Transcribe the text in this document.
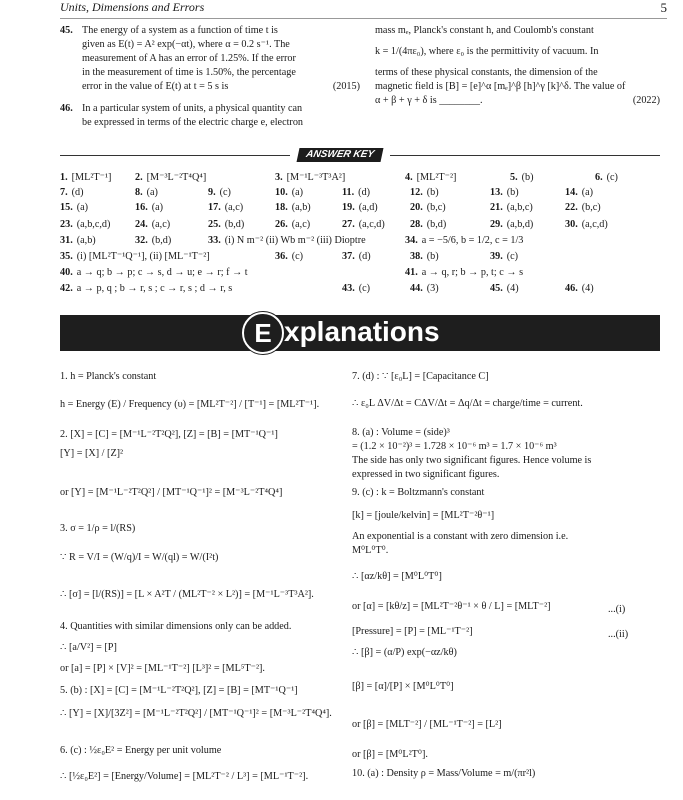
Units, Dimensions and Errors	5
45. The energy of a system as a function of time t is
given as E(t) = A² exp(−αt), where α = 0.2 s⁻¹. The
measurement of A has an error of 1.25%. If the error
in the measurement of time is 1.50%, the percentage
error in the value of E(t) at t = 5 s is	(2015)
46. In a particular system of units, a physical quantity can
be expressed in terms of the electric charge e, electron
mass mₑ, Planck's constant h, and Coulomb's constant
k = 1/(4πε₀), where ε₀ is the permittivity of vacuum. In
terms of these physical constants, the dimension of the
magnetic field is [B] = [e]^α [mₑ]^β [h]^γ [k]^δ. The value of
α + β + γ + δ is ________.	(2022)
ANSWER KEY
1. [ML²T⁻¹] 2. [M⁻³L⁻²T⁴Q⁴]	3. [M⁻¹L⁻³T³A²]	4. [ML²T⁻²]	5. (b)	6. (c)
7. (d)	8. (a)	9. (c)	10. (a)	11. (d)	12. (b)	13. (b)	14. (a)
15. (a)	16. (a)	17. (a,c)	18. (a,b)	19. (a,d)	20. (b,c)	21. (a,b,c)	22. (b,c)
23. (a,b,c,d) 24. (a,c)	25. (b,d)	26. (a,c)	27. (a,c,d) 28. (b,d)	29. (a,b,d)	30. (a,c,d)
31. (a,b)	32. (b,d)	33. (i) N m⁻² (ii) Wb m⁻² (iii) Dioptre	34. a = −5/6, b = 1/2, c = 1/3
35. (i) [ML²T⁻¹Q⁻¹], (ii) [ML⁻¹T⁻²]	36. (c)	37. (d)	38. (b)	39. (c)
40. a → q; b → p; c → s, d → u; e → r; f → t	41. a → q, r; b → p, t; c → s
42. a → p, q ; b → r, s ; c → r, s ; d → r, s	43. (c)	44. (3)	45. (4)	46. (4)
E xplanations
1. h = Planck's constant
h = Energy (E) / Frequency (υ) = [ML²T⁻²] / [T⁻¹] = [ML²T⁻¹].
2. [X] = [C] = [M⁻¹L⁻²T²Q²], [Z] = [B] = [MT⁻¹Q⁻¹]
[Y] = [X] / [Z]²
or [Y] = [M⁻¹L⁻²T²Q²] / [MT⁻¹Q⁻¹]² = [M⁻³L⁻²T⁴Q⁴]
3. σ = 1/ρ = l/(RS)
∵ R = V/I = (W/q)/I = W/(ql) = W/(I²t)
∴ [σ] = [l/(RS)] = [L × A²T / (ML²T⁻² × L²)] = [M⁻¹L⁻³T³A²].
4. Quantities with similar dimensions only can be added.
∴ [a/V²] = [P]
or [a] = [P] × [V]² = [ML⁻¹T⁻²] [L³]² = [ML⁵T⁻²].
5. (b) : [X] = [C] = [M⁻¹L⁻²T²Q²], [Z] = [B] = [MT⁻¹Q⁻¹]
∴ [Y] = [X]/[3Z²] = [M⁻¹L⁻²T²Q²] / [MT⁻¹Q⁻¹]² = [M⁻³L⁻²T⁴Q⁴].
6. (c) : ½ε₀E² = Energy per unit volume
∴ [½ε₀E²] = [Energy/Volume] = [ML²T⁻² / L³] = [ML⁻¹T⁻²].
7. (d) : ∵ [ε₀L] = [Capacitance C]
∴ ε₀L ΔV/Δt = CΔV/Δt = Δq/Δt = charge/time = current.
8. (a) : Volume = (side)³
= (1.2 × 10⁻²)³ = 1.728 × 10⁻⁶ m³ = 1.7 × 10⁻⁶ m³
The side has only two significant figures. Hence volume is
expressed in two significant figures.
9. (c) : k = Boltzmann's constant
[k] = [joule/kelvin] = [ML²T⁻²θ⁻¹]
An exponential is a constant with zero dimension i.e.
M⁰L⁰T⁰.
∴ [αz/kθ] = [M⁰L⁰T⁰]
or [α] = [kθ/z] = [ML²T⁻²θ⁻¹ × θ / L] = [MLT⁻²]
[Pressure] = [P] = [ML⁻¹T⁻²]
∴ [β] = (α/P) exp(−αz/kθ)
[β] = [α]/[P] × [M⁰L⁰T⁰]
or [β] = [MLT⁻²] / [ML⁻¹T⁻²] = [L²]
or [β] = [M⁰L²T⁰].
10. (a) : Density ρ = Mass/Volume = m/(πr²l)
...(i)
...(ii)
